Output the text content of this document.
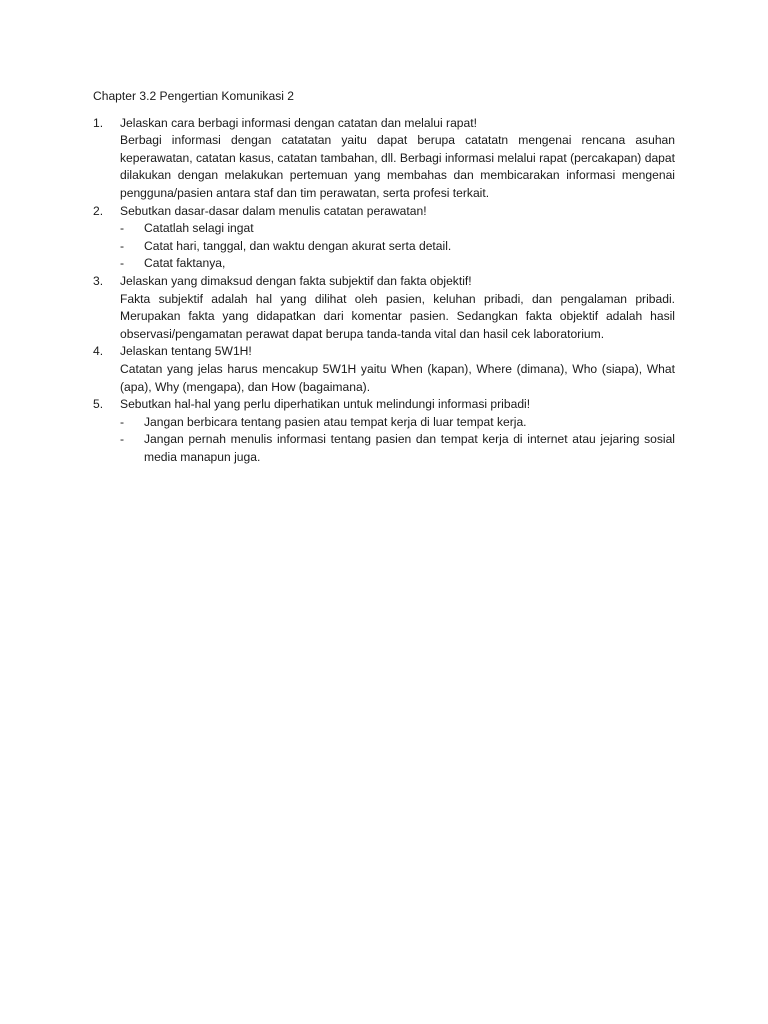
Chapter 3.2 Pengertian Komunikasi 2
1. Jelaskan cara berbagi informasi dengan catatan dan melalui rapat!
Berbagi informasi dengan catatatan yaitu dapat berupa catatatn mengenai rencana asuhan keperawatan, catatan kasus, catatan tambahan, dll. Berbagi informasi melalui rapat (percakapan) dapat dilakukan dengan melakukan pertemuan yang membahas dan membicarakan informasi mengenai pengguna/pasien antara staf dan tim perawatan, serta profesi terkait.
2. Sebutkan dasar-dasar dalam menulis catatan perawatan!
- Catatlah selagi ingat
- Catat hari, tanggal, dan waktu dengan akurat serta detail.
- Catat faktanya,
3. Jelaskan yang dimaksud dengan fakta subjektif dan fakta objektif!
Fakta subjektif adalah hal yang dilihat oleh pasien, keluhan pribadi, dan pengalaman pribadi. Merupakan fakta yang didapatkan dari komentar pasien. Sedangkan fakta objektif adalah hasil observasi/pengamatan perawat dapat berupa tanda-tanda vital dan hasil cek laboratorium.
4. Jelaskan tentang 5W1H!
Catatan yang jelas harus mencakup 5W1H yaitu When (kapan), Where (dimana), Who (siapa), What (apa), Why (mengapa), dan How (bagaimana).
5. Sebutkan hal-hal yang perlu diperhatikan untuk melindungi informasi pribadi!
- Jangan berbicara tentang pasien atau tempat kerja di luar tempat kerja.
- Jangan pernah menulis informasi tentang pasien dan tempat kerja di internet atau jejaring sosial media manapun juga.
